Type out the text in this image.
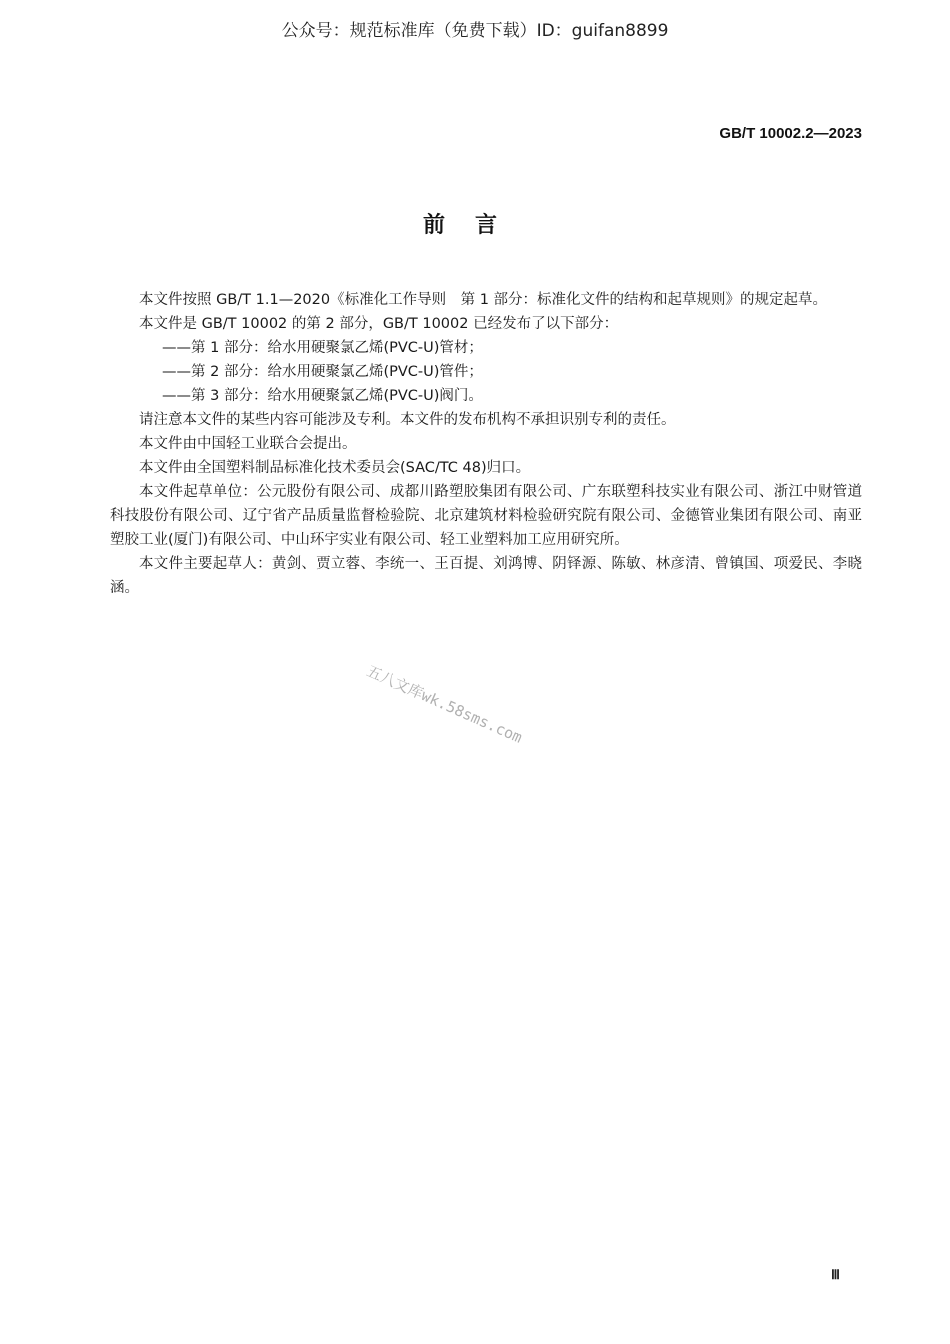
公众号：规范标准库（免费下载）ID：guifan8899
GB/T 10002.2—2023
前言

本文件按照 GB/T 1.1—2020《标准化工作导则　第 1 部分：标准化文件的结构和起草规则》的规定起草。

本文件是 GB/T 10002 的第 2 部分，GB/T 10002 已经发布了以下部分：

——第 1 部分：给水用硬聚氯乙烯(PVC-U)管材；

——第 2 部分：给水用硬聚氯乙烯(PVC-U)管件；

——第 3 部分：给水用硬聚氯乙烯(PVC-U)阀门。

请注意本文件的某些内容可能涉及专利。本文件的发布机构不承担识别专利的责任。

本文件由中国轻工业联合会提出。

本文件由全国塑料制品标准化技术委员会(SAC/TC 48)归口。

本文件起草单位：公元股份有限公司、成都川路塑胶集团有限公司、广东联塑科技实业有限公司、浙江中财管道科技股份有限公司、辽宁省产品质量监督检验院、北京建筑材料检验研究院有限公司、金德管业集团有限公司、南亚塑胶工业(厦门)有限公司、中山环宇实业有限公司、轻工业塑料加工应用研究所。

本文件主要起草人：黄剑、贾立蓉、李统一、王百提、刘鸿博、阴铎源、陈敏、林彦清、曾镇国、项爱民、李晓涵。

五八文库wk.58sms.com
Ⅲ
